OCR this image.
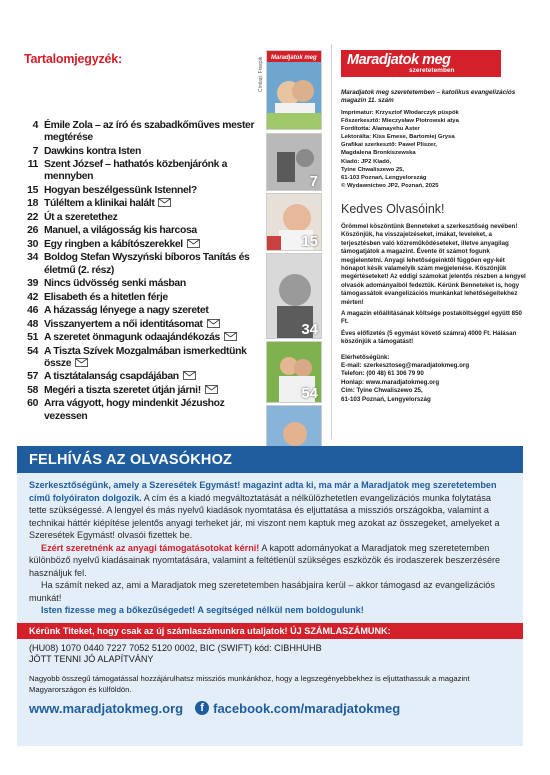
Tartalomjegyzék:
4 Émile Zola – az író és szabadkőműves mester megtérése
7 Dawkins kontra Isten
11 Szent József – hathatós közbenjárónk a mennyben
15 Hogyan beszélgessünk Istennel?
18 Túléltem a klinikai halált
22 Út a szeretethez
26 Manuel, a világosság kis harcosa
30 Egy ringben a kábítószerekkel
34 Boldog Stefan Wyszyński bíboros Tanítás és életmű (2. rész)
39 Nincs üdvösség senki másban
42 Elisabeth és a hitetlen férje
46 A házasság lényege a nagy szeretet
48 Visszanyertem a női identitásomat
51 A szeretet önmagunk odaajándékozás
54 A Tiszta Szívek Mozgalmában ismerkedtünk össze
57 A tisztátalanság csapdájában
58 Megéri a tiszta szeretet útján járni!
60 Arra vágyott, hogy mindenkit Jézushoz vezessen
Címlap: Freepik Maradjatok meg
7
15
34
54
Maradjatok meg
szeretetemben
Maradjatok meg szeretetemben – katolikus evangelizációs magazin 11. szám
Imprimatur: Krzysztof Włodarczyk püspök
Főszerkesztő: Mieczysław Piotrowski atya
Fordította: Alamayehu Aster
Lektorálta: Kiss Emese, Bartomiej Grysa
Grafikai szerkesztő: Paweł Pliszer,
Magdalena Bronkiszewska
Kiadó: JP2 Kiadó,
Tyine Chwaliszewo 25,
61-103 Poznań, Lengyelország
© Wydawnictwo JP2, Poznań, 2025
Kedves Olvasóink!
Örömmel köszöntünk Benneteket a szerkesztőség nevében! Köszönjük, ha visszajelzéseket, imákat, leveleket, a terjesztésben való közreműködéseteket, illetve anyagilag támogatjátok a magazint. Évente öt számot fogunk megjelentetni. Anyagi lehetőségeinktől függően egy-két hónapot késik valamelyik szám megjelenése. Köszönjük megértéseteket! Az eddigi számokat jelentős részben a lengyel olvasók adományaiból fedeztük. Kérünk Benneteket is, hogy támogassátok evangelizációs munkánkat lehetőségeitekhez mérten!
A magazin előállításának költsége postaköltséggel együtt 850 Ft.
Éves előfizetés (5 egymást követő számra) 4000 Ft. Hálásan köszönjük a támogatást!
Elérhetőségünk:
E-mail: szerkesztoseg@maradjatokmeg.org
Telefon: (00 48) 61 306 79 90
Honlap: www.maradjatokmeg.org
Cím: Tyine Chwaliszewo 25,
61-103 Poznań, Lengyelország
FELHÍVÁS AZ OLVASÓKHOZ

Szerkesztőségünk, amely a Szeresétek Egymást! magazint adta ki, ma már a Maradjatok meg szeretetemben című folyóiraton dolgozik. A cím és a kiadó megváltoztatását a nélkülözhetetlen evangelizációs munka folytatása tette szükségessé. A lengyel és más nyelvű kiadások nyomtatása és eljuttatása a missziós országokba, valamint a technikai háttér kiépítése jelentős anyagi terheket jár, mi viszont nem kaptuk meg azokat az összegeket, amelyeket a Szeresétek Egymást! olvasói fizettek be.

Ezért szeretnénk az anyagi támogatásotokat kérni! A kapott adományokat a Maradjatok meg szeretetemben különböző nyelvű kiadásainak nyomtatására, valamint a feltétlenül szükséges eszközök és irodaszerek beszerzésére használjuk fel.

Ha számít neked az, ami a Maradjatok meg szeretetemben hasábjaira kerül – akkor támogasd az evangelizációs munkát!

Isten fizesse meg a bőkezűségedet! A segítséged nélkül nem boldogulunk!

Kérünk Titeket, hogy csak az új számlaszámunkra utaljatok! ÚJ SZÁMLASZÁMUNK:
(HU08) 1070 0440 7227 7052 5120 0002, BIC (SWIFT) kód: CIBHHUHB
JÖTT TENNI JÓ ALAPÍTVÁNY
Nagyobb összegű támogatással hozzájárulhatsz missziós munkánkhoz, hogy a legszegényebbekhez is eljuttathassuk a magazint Magyarországon és külföldön.
www.maradjatokmeg.org	f facebook.com/maradjatokmeg
